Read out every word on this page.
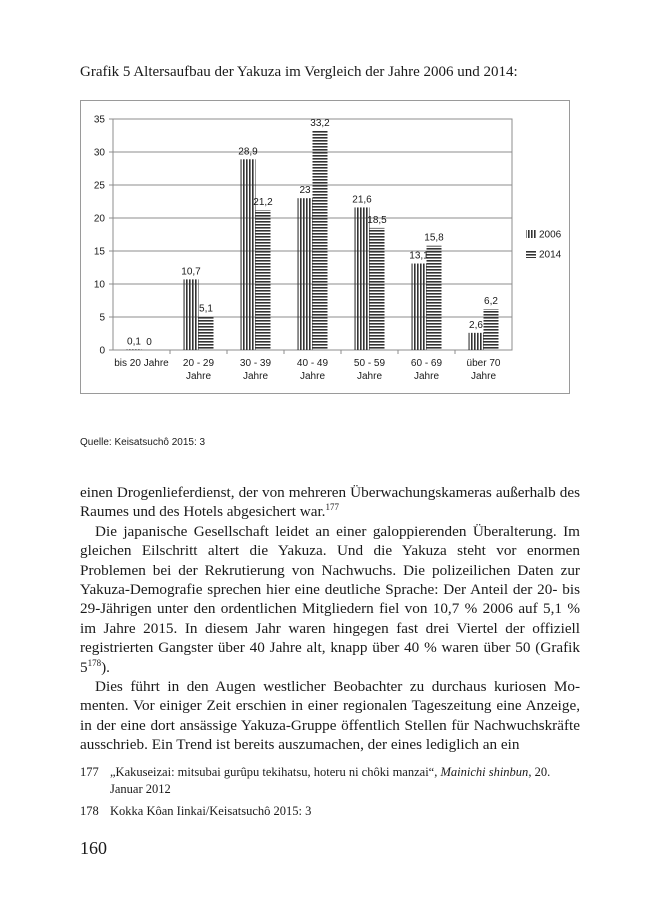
Grafik 5 Altersaufbau der Yakuza im Vergleich der Jahre 2006 und 2014:
0,1 0
10,7
5,1
28,9
21,2
23
33,2
21,6
18,5
13,1
15,8
2,6
6,2
0
5
10
15
20
25
30
35
bis 20 Jahre 20 - 29
Jahre
30 - 39
Jahre
40 - 49
Jahre
50 - 59
Jahre
60 - 69
Jahre
über 70
Jahre
2006
2014
Quelle: Keisatsuchô 2015: 3

einen Drogenlieferdienst, der von mehreren Überwachungskameras außerhalb des Raumes und des Hotels abgesichert war.$^{177}$

Die japanische Gesellschaft leidet an einer galoppierenden Überalterung. Im gleichen Eilschritt altert die Yakuza. Und die Yakuza steht vor enormen Problemen bei der Rekrutierung von Nachwuchs. Die polizeilichen Daten zur Yakuza-Demografie sprechen hier eine deutliche Sprache: Der Anteil der 20- bis 29-Jährigen unter den ordentlichen Mitgliedern fiel von 10,7 % 2006 auf 5,1 % im Jahre 2015. In diesem Jahr waren hingegen fast drei Viertel der offiziell registrierten Gangster über 40 Jahre alt, knapp über 40 % waren über 50 (Grafik $5^{178}$).

Dies führt in den Augen westlicher Beobachter zu durchaus kuriosen Momenten. Vor einiger Zeit erschien in einer regionalen Tageszeitung eine Anzeige, in der eine dort ansässige Yakuza-Gruppe öffentlich Stellen für Nachwuchskräfte ausschrieb. Ein Trend ist bereits auszumachen, der eines lediglich an ein

177 „Kakuseizai: mitsubai gurûpu tekihatsu, hoteru ni chôki manzai“, Mainichi shinbun, 20. Januar 2012
178 Kokka Kôan Iinkai/Keisatsuchô 2015: 3
160
